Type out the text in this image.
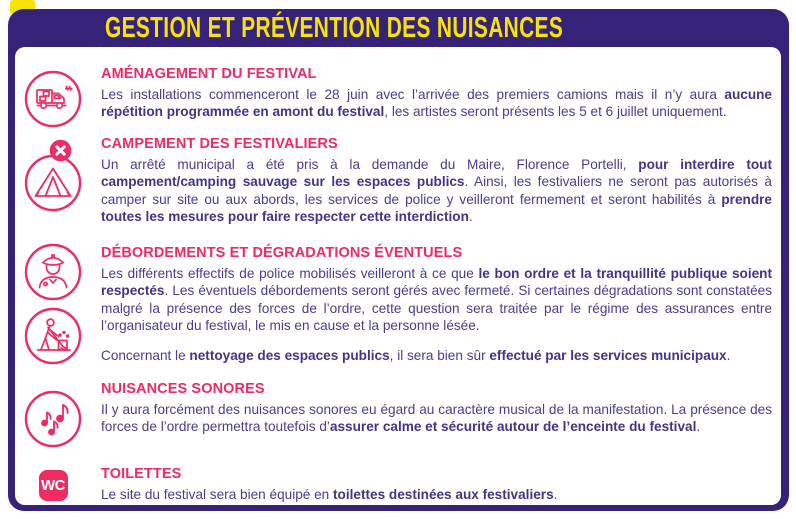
GESTION ET PRÉVENTION DES NUISANCES
AMÉNAGEMENT DU FESTIVAL

Les installations commenceront le 28 juin avec l’arrivée des premiers camions mais il n’y aura aucune répétition programmée en amont du festival, les artistes seront présents les 5 et 6 juillet uniquement.

CAMPEMENT DES FESTIVALIERS

Un arrêté municipal a été pris à la demande du Maire, Florence Portelli, pour interdire tout campement/camping sauvage sur les espaces publics. Ainsi, les festivaliers ne seront pas autorisés à camper sur site ou aux abords, les services de police y veilleront fermement et seront habilités à prendre toutes les mesures pour faire respecter cette interdiction.

DÉBORDEMENTS ET DÉGRADATIONS ÉVENTUELS

Les différents effectifs de police mobilisés veilleront à ce que le bon ordre et la tranquillité publique soient respectés. Les éventuels débordements seront gérés avec fermeté. Si certaines dégradations sont constatées malgré la présence des forces de l’ordre, cette question sera traitée par le régime des assurances entre l’organisateur du festival, le mis en cause et la personne lésée.

Concernant le nettoyage des espaces publics, il sera bien sûr effectué par les services municipaux.

NUISANCES SONORES

Il y aura forcément des nuisances sonores eu égard au caractère musical de la manifestation. La présence des forces de l’ordre permettra toutefois d’assurer calme et sécurité autour de l’enceinte du festival.

WC
TOILETTES

Le site du festival sera bien équipé en toilettes destinées aux festivaliers.
